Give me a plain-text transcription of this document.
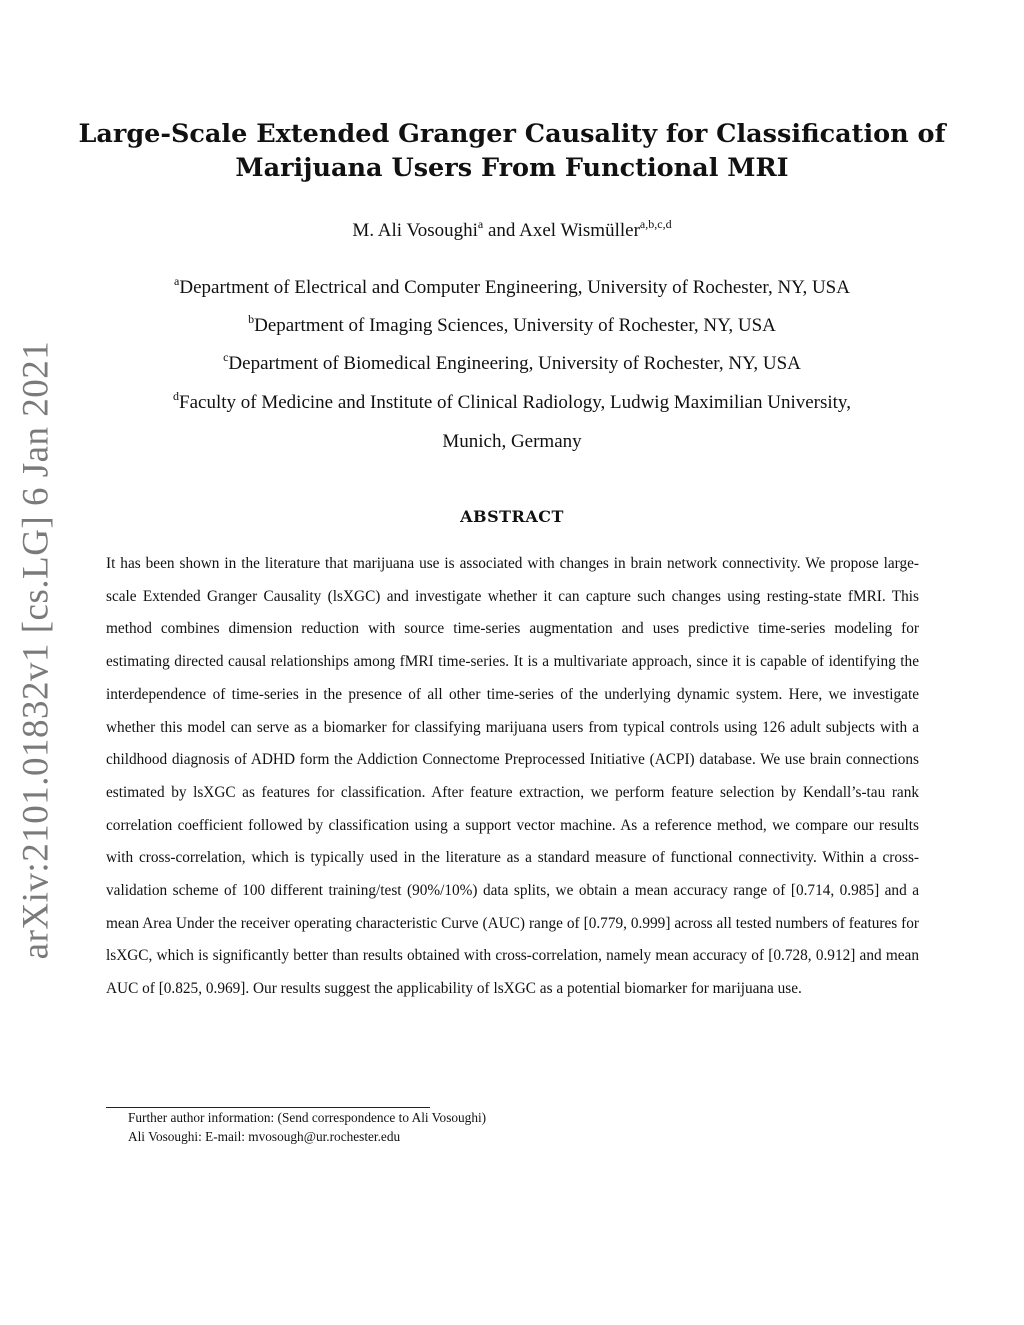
arXiv:2101.01832v1 [cs.LG] 6 Jan 2021
Large-Scale Extended Granger Causality for Classification of Marijuana Users From Functional MRI
M. Ali Vosoughi$^a$ and Axel Wismüller$^{a,b,c,d}$
$^a$Department of Electrical and Computer Engineering, University of Rochester, NY, USA
$^b$Department of Imaging Sciences, University of Rochester, NY, USA
$^c$Department of Biomedical Engineering, University of Rochester, NY, USA
$^d$Faculty of Medicine and Institute of Clinical Radiology, Ludwig Maximilian University,
Munich, Germany
ABSTRACT

It has been shown in the literature that marijuana use is associated with changes in brain network connectivity. We propose large-scale Extended Granger Causality (lsXGC) and investigate whether it can capture such changes using resting-state fMRI. This method combines dimension reduction with source time-series augmentation and uses predictive time-series modeling for estimating directed causal relationships among fMRI time-series. It is a multivariate approach, since it is capable of identifying the interdependence of time-series in the presence of all other time-series of the underlying dynamic system. Here, we investigate whether this model can serve as a biomarker for classifying marijuana users from typical controls using 126 adult subjects with a childhood diagnosis of ADHD form the Addiction Connectome Preprocessed Initiative (ACPI) database. We use brain connections estimated by lsXGC as features for classification. After feature extraction, we perform feature selection by Kendall’s-tau rank correlation coefficient followed by classification using a support vector machine. As a reference method, we compare our results with cross-correlation, which is typically used in the literature as a standard measure of functional connectivity. Within a cross-validation scheme of 100 different training/test (90%/10%) data splits, we obtain a mean accuracy range of [0.714, 0.985] and a mean Area Under the receiver operating characteristic Curve (AUC) range of [0.779, 0.999] across all tested numbers of features for lsXGC, which is significantly better than results obtained with cross-correlation, namely mean accuracy of [0.728, 0.912] and mean AUC of [0.825, 0.969]. Our results suggest the applicability of lsXGC as a potential biomarker for marijuana use.

Further author information: (Send correspondence to Ali Vosoughi)
Ali Vosoughi: E-mail: mvosough@ur.rochester.edu
